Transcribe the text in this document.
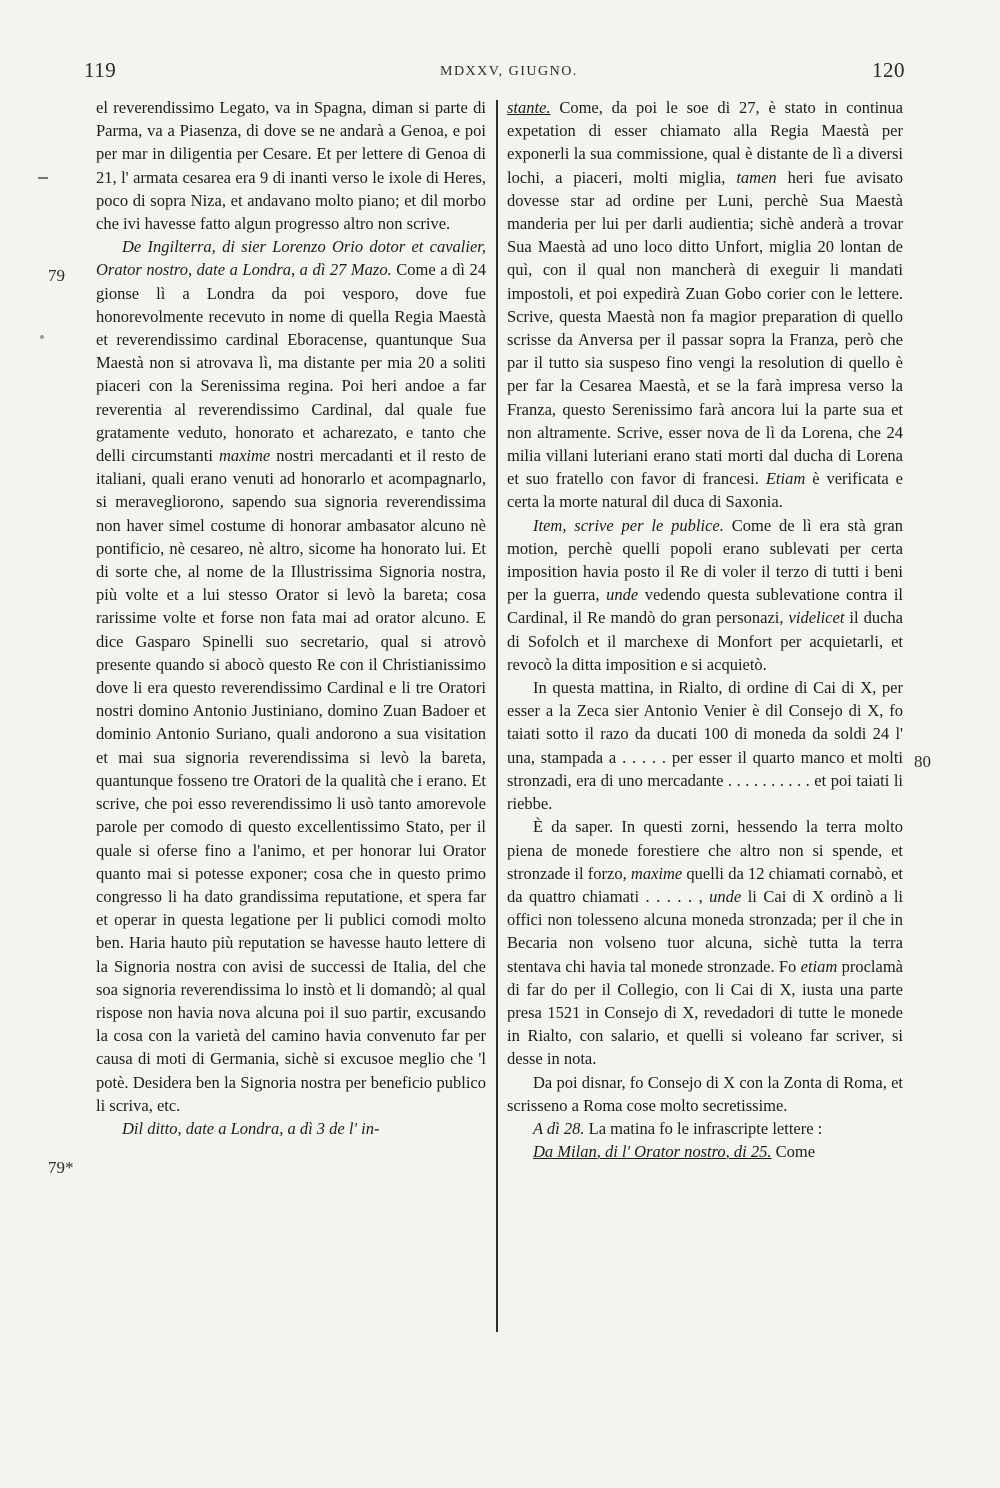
119	MDXXV, GIUGNO.	120
79
79*
80

el reverendissimo Legato, va in Spagna, diman si parte di Parma, va a Piasenza, di dove se ne andarà a Genoa, e poi per mar in diligentia per Cesare. Et per lettere di Genoa di 21, l' armata cesarea era 9 di inanti verso le ixole di Heres, poco di sopra Niza, et andavano molto piano; et dil morbo che ivi havesse fatto algun progresso altro non scrive.

De Ingilterra, di sier Lorenzo Orio dotor et cavalier, Orator nostro, date a Londra, a dì 27 Mazo. Come a dì 24 gionse lì a Londra da poi vesporo, dove fue honorevolmente recevuto in nome di quella Regia Maestà et reverendissimo cardinal Eboracense, quantunque Sua Maestà non si atrovava lì, ma distante per mia 20 a soliti piaceri con la Serenissima regina. Poi heri andoe a far reverentia al reverendissimo Cardinal, dal quale fue gratamente veduto, honorato et acharezato, e tanto che delli circumstanti maxime nostri mercadanti et il resto de italiani, quali erano venuti ad honorarlo et acompagnarlo, si meravegliorono, sapendo sua signoria reverendissima non haver simel costume di honorar ambasator alcuno nè pontificio, nè cesareo, nè altro, sicome ha honorato lui. Et di sorte che, al nome de la Illustrissima Signoria nostra, più volte et a lui stesso Orator si levò la bareta; cosa rarissime volte et forse non fata mai ad orator alcuno. E dice Gasparo Spinelli suo secretario, qual si atrovò presente quando si abocò questo Re con il Christianissimo dove li era questo reverendissimo Cardinal e li tre Oratori nostri domino Antonio Justiniano, domino Zuan Badoer et dominio Antonio Suriano, quali andorono a sua visitation et mai sua signoria reverendissima si levò la bareta, quantunque fosseno tre Oratori de la qualità che i erano. Et scrive, che poi esso reverendissimo li usò tanto amorevole parole per comodo di questo excellentissimo Stato, per il quale si oferse fino a l'animo, et per honorar lui Orator quanto mai si potesse exponer; cosa che in questo primo congresso li ha dato grandissima reputatione, et spera far et operar in questa legatione per li publici comodi molto ben. Haria hauto più reputation se havesse hauto lettere di la Signoria nostra con avisi de successi de Italia, del che soa signoria reverendissima lo instò et li domandò; al qual rispose non havia nova alcuna poi il suo partir, excusando la cosa con la varietà del camino havia convenuto far per causa di moti di Germania, sichè si excusoe meglio che 'l potè. Desidera ben la Signoria nostra per beneficio publico li scriva, etc.

Dil ditto, date a Londra, a dì 3 de l' in-

stante. Come, da poi le soe di 27, è stato in continua expetation di esser chiamato alla Regia Maestà per exponerli la sua commissione, qual è distante de lì a diversi lochi, a piaceri, molti miglia, tamen heri fue avisato dovesse star ad ordine per Luni, perchè Sua Maestà manderia per lui per darli audientia; sichè anderà a trovar Sua Maestà ad uno loco ditto Unfort, miglia 20 lontan de quì, con il qual non mancherà di exeguir li mandati impostoli, et poi expedirà Zuan Gobo corier con le lettere. Scrive, questa Maestà non fa magior preparation di quello scrisse da Anversa per il passar sopra la Franza, però che par il tutto sia suspeso fino vengi la resolution di quello è per far la Cesarea Maestà, et se la farà impresa verso la Franza, questo Serenissimo farà ancora lui la parte sua et non altramente. Scrive, esser nova de lì da Lorena, che 24 milia villani luteriani erano stati morti dal ducha di Lorena et suo fratello con favor di francesi. Etiam è verificata e certa la morte natural dil duca di Saxonia.

Item, scrive per le publice. Come de lì era stà gran motion, perchè quelli popoli erano sublevati per certa imposition havia posto il Re di voler il terzo di tutti i beni per la guerra, unde vedendo questa sublevatione contra il Cardinal, il Re mandò do gran personazi, videlicet il ducha di Sofolch et il marchexe di Monfort per acquietarli, et revocò la ditta imposition e si acquietò.

In questa mattina, in Rialto, di ordine di Cai di X, per esser a la Zeca sier Antonio Venier è dil Consejo di X, fo taiati sotto il razo da ducati 100 di moneda da soldi 24 l' una, stampada a . . . . . per esser il quarto manco et molti stronzadi, era di uno mercadante . . . . . . . . . . et poi taiati li riebbe.

È da saper. In questi zorni, hessendo la terra molto piena de monede forestiere che altro non si spende, et stronzade il forzo, maxime quelli da 12 chiamati cornabò, et da quattro chiamati . . . . . , unde li Cai di X ordinò a li offici non tolesseno alcuna moneda stronzada; per il che in Becaria non volseno tuor alcuna, sichè tutta la terra stentava chi havia tal monede stronzade. Fo etiam proclamà di far do per il Collegio, con li Cai di X, iusta una parte presa 1521 in Consejo di X, revedadori di tutte le monede in Rialto, con salario, et quelli si voleano far scriver, si desse in nota.

Da poi disnar, fo Consejo di X con la Zonta di Roma, et scrisseno a Roma cose molto secretissime.

A dì 28. La matina fo le infrascripte lettere :

Da Milan, di l' Orator nostro, di 25. Come
